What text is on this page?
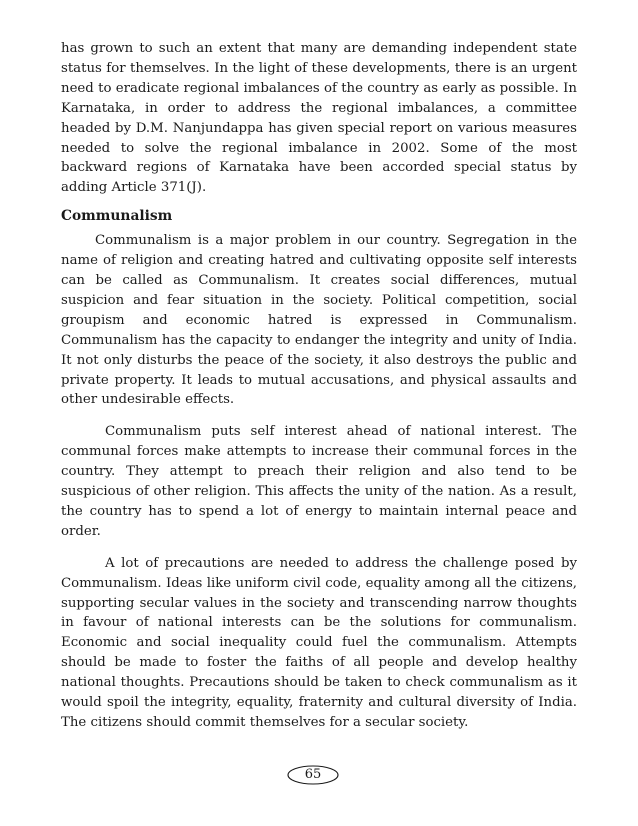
has grown to such an extent that many are demanding independent state status for themselves. In the light of these developments, there is an urgent need to eradicate regional imbalances of the country as early as possible. In Karnataka, in order to address the regional imbalances, a committee headed by D.M. Nanjundappa has given special report on various measures needed to solve the regional imbalance in 2002. Some of the most backward regions of Karnataka have been accorded special status by adding Article 371(J).

Communalism

Communalism is a major problem in our country. Segregation in the name of religion and creating hatred and cultivating opposite self interests can be called as Communalism. It creates social differences, mutual suspicion and fear situation in the society. Political competition, social groupism and economic hatred is expressed in Communalism. Communalism has the capacity to endanger the integrity and unity of India. It not only disturbs the peace of the society, it also destroys the public and private property. It leads to mutual accusations, and physical assaults and other undesirable effects.

Communalism puts self interest ahead of national interest. The communal forces make attempts to increase their communal forces in the country. They attempt to preach their religion and also tend to be suspicious of other religion. This affects the unity of the nation. As a result, the country has to spend a lot of energy to maintain internal peace and order.

A lot of precautions are needed to address the challenge posed by Communalism. Ideas like uniform civil code, equality among all the citizens, supporting secular values in the society and transcending narrow thoughts in favour of national interests can be the solutions for communalism. Economic and social inequality could fuel the communalism. Attempts should be made to foster the faiths of all people and develop healthy national thoughts. Precautions should be taken to check communalism as it would spoil the integrity, equality, fraternity and cultural diversity of India. The citizens should commit themselves for a secular society.

65
